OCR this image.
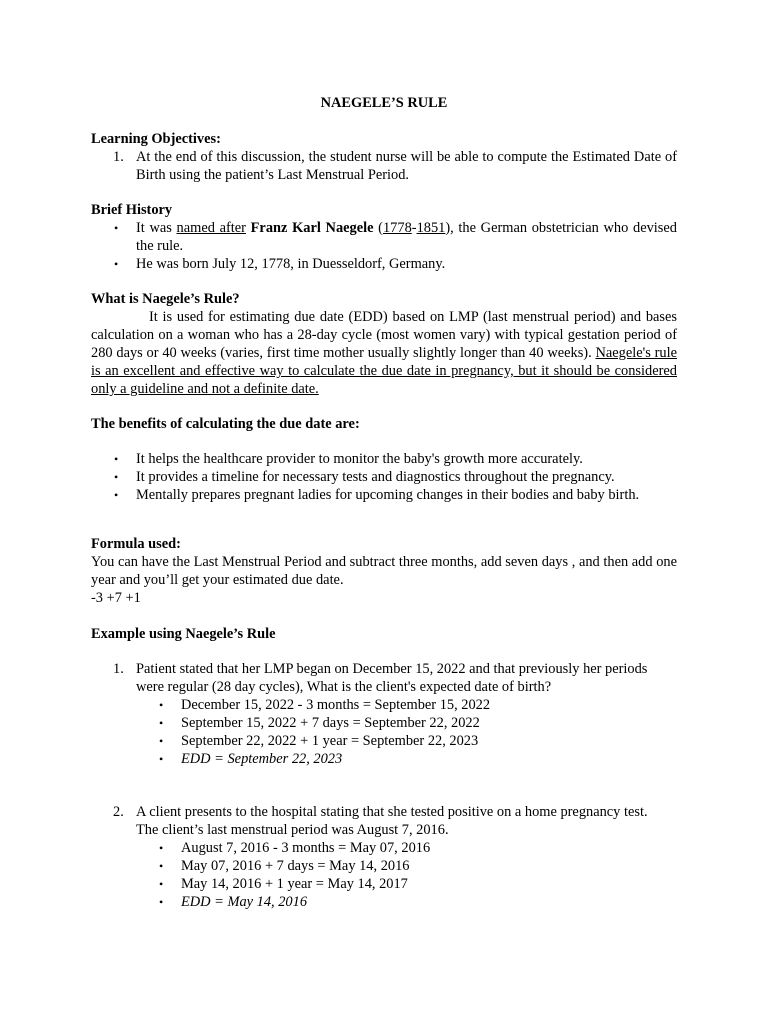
NAEGELE’S RULE
Learning Objectives:
1. At the end of this discussion, the student nurse will be able to compute the Estimated Date of Birth using the patient’s Last Menstrual Period.
Brief History
• It was named after Franz Karl Naegele (1778-1851), the German obstetrician who devised the rule.
• He was born July 12, 1778, in Duesseldorf, Germany.
What is Naegele’s Rule?
It is used for estimating due date (EDD) based on LMP (last menstrual period) and bases calculation on a woman who has a 28-day cycle (most women vary) with typical gestation period of 280 days or 40 weeks (varies, first time mother usually slightly longer than 40 weeks). Naegele's rule is an excellent and effective way to calculate the due date in pregnancy, but it should be considered only a guideline and not a definite date.
The benefits of calculating the due date are:
• It helps the healthcare provider to monitor the baby's growth more accurately.
• It provides a timeline for necessary tests and diagnostics throughout the pregnancy.
• Mentally prepares pregnant ladies for upcoming changes in their bodies and baby birth.
Formula used:
You can have the Last Menstrual Period and subtract three months, add seven days , and then add one year and you’ll get your estimated due date.
-3 +7 +1
Example using Naegele’s Rule
1. Patient stated that her LMP began on December 15, 2022 and that previously her periods
were regular (28 day cycles), What is the client's expected date of birth?
• December 15, 2022 - 3 months = September 15, 2022
• September 15, 2022 + 7 days = September 22, 2022
• September 22, 2022 + 1 year = September 22, 2023
• EDD = September 22, 2023
2. A client presents to the hospital stating that she tested positive on a home pregnancy test.
The client’s last menstrual period was August 7, 2016.
• August 7, 2016 - 3 months = May 07, 2016
• May 07, 2016 + 7 days = May 14, 2016
• May 14, 2016 + 1 year = May 14, 2017
• EDD = May 14, 2016
